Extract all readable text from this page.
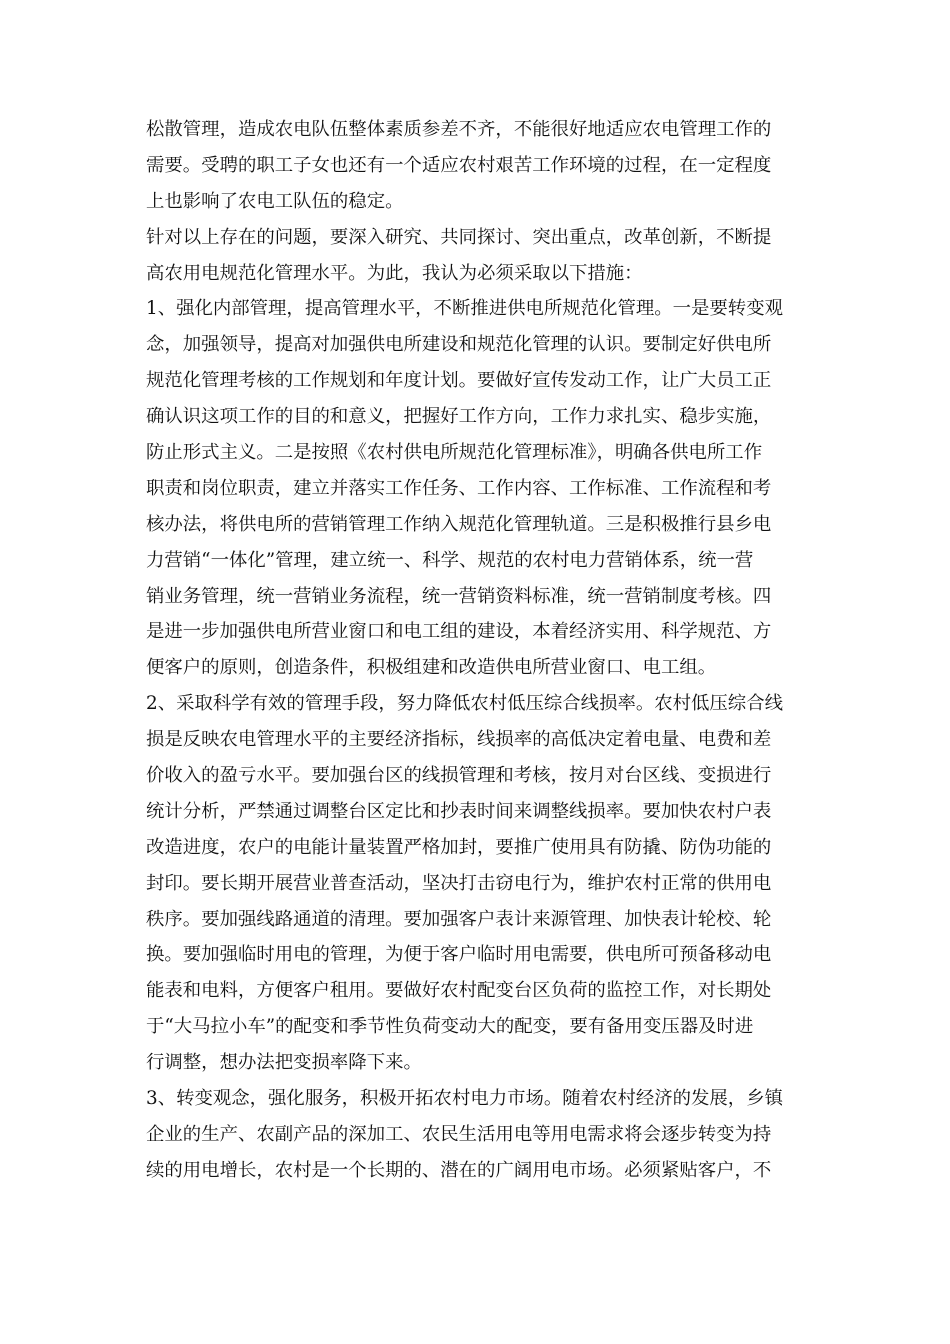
松散管理，造成农电队伍整体素质参差不齐，不能很好地适应农电管理工作的
需要。受聘的职工子女也还有一个适应农村艰苦工作环境的过程，在一定程度
上也影响了农电工队伍的稳定。
针对以上存在的问题，要深入研究、共同探讨、突出重点，改革创新，不断提
高农用电规范化管理水平。为此，我认为必须采取以下措施：
1、强化内部管理，提高管理水平，不断推进供电所规范化管理。一是要转变观
念，加强领导，提高对加强供电所建设和规范化管理的认识。要制定好供电所
规范化管理考核的工作规划和年度计划。要做好宣传发动工作，让广大员工正
确认识这项工作的目的和意义，把握好工作方向，工作力求扎实、稳步实施，
防止形式主义。二是按照《农村供电所规范化管理标准》，明确各供电所工作
职责和岗位职责，建立并落实工作任务、工作内容、工作标准、工作流程和考
核办法，将供电所的营销管理工作纳入规范化管理轨道。三是积极推行县乡电
力营销“一体化”管理，建立统一、科学、规范的农村电力营销体系，统一营
销业务管理，统一营销业务流程，统一营销资料标准，统一营销制度考核。四
是进一步加强供电所营业窗口和电工组的建设，本着经济实用、科学规范、方
便客户的原则，创造条件，积极组建和改造供电所营业窗口、电工组。
2、采取科学有效的管理手段，努力降低农村低压综合线损率。农村低压综合线
损是反映农电管理水平的主要经济指标，线损率的高低决定着电量、电费和差
价收入的盈亏水平。要加强台区的线损管理和考核，按月对台区线、变损进行
统计分析，严禁通过调整台区定比和抄表时间来调整线损率。要加快农村户表
改造进度，农户的电能计量装置严格加封，要推广使用具有防撬、防伪功能的
封印。要长期开展营业普查活动，坚决打击窃电行为，维护农村正常的供用电
秩序。要加强线路通道的清理。要加强客户表计来源管理、加快表计轮校、轮
换。要加强临时用电的管理，为便于客户临时用电需要，供电所可预备移动电
能表和电料，方便客户租用。要做好农村配变台区负荷的监控工作，对长期处
于“大马拉小车”的配变和季节性负荷变动大的配变，要有备用变压器及时进
行调整，想办法把变损率降下来。
3、转变观念，强化服务，积极开拓农村电力市场。随着农村经济的发展，乡镇
企业的生产、农副产品的深加工、农民生活用电等用电需求将会逐步转变为持
续的用电增长，农村是一个长期的、潜在的广阔用电市场。必须紧贴客户，不
